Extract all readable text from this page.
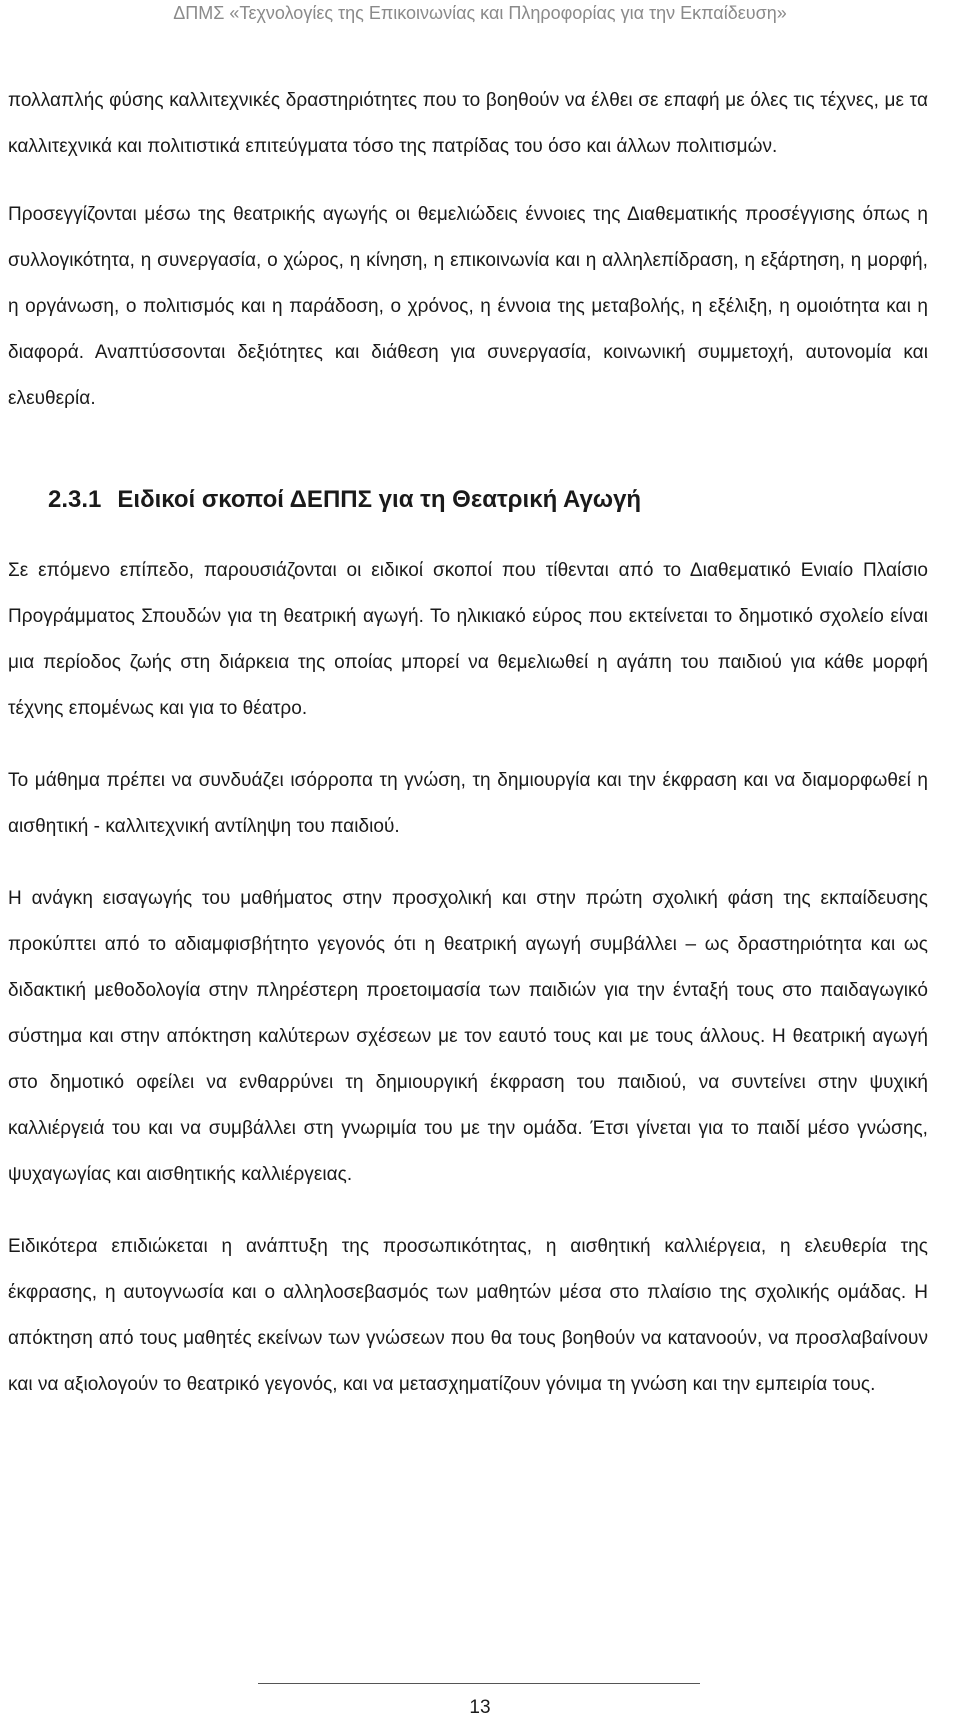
ΔΠΜΣ «Τεχνολογίες της Επικοινωνίας και Πληροφορίας για την Εκπαίδευση»

πολλαπλής φύσης καλλιτεχνικές δραστηριότητες που το βοηθούν να έλθει σε επαφή με όλες τις τέχνες, με τα καλλιτεχνικά και πολιτιστικά επιτεύγματα τόσο της πατρίδας του όσο και άλλων πολιτισμών.

Προσεγγίζονται μέσω της θεατρικής αγωγής οι θεμελιώδεις έννοιες της Διαθεματικής προσέγγισης όπως η συλλογικότητα, η συνεργασία, ο χώρος, η κίνηση, η επικοινωνία και η αλληλεπίδραση, η εξάρτηση, η μορφή, η οργάνωση, ο πολιτισμός και η παράδοση, ο χρόνος, η έννοια της μεταβολής, η εξέλιξη, η ομοιότητα και η διαφορά. Αναπτύσσονται δεξιότητες και διάθεση για συνεργασία, κοινωνική συμμετοχή, αυτονομία και ελευθερία.

2.3.1 Ειδικοί σκοποί ΔΕΠΠΣ για τη Θεατρική Αγωγή

Σε επόμενο επίπεδο, παρουσιάζονται οι ειδικοί σκοποί που τίθενται από το Διαθεματικό Ενιαίο Πλαίσιο Προγράμματος Σπουδών για τη θεατρική αγωγή. Το ηλικιακό εύρος που εκτείνεται το δημοτικό σχολείο είναι μια περίοδος ζωής στη διάρκεια της οποίας μπορεί να θεμελιωθεί η αγάπη του παιδιού για κάθε μορφή τέχνης επομένως και για το θέατρο.

Το μάθημα πρέπει να συνδυάζει ισόρροπα τη γνώση, τη δημιουργία και την έκφραση και να διαμορφωθεί η αισθητική - καλλιτεχνική αντίληψη του παιδιού.

Η ανάγκη εισαγωγής του μαθήματος στην προσχολική και στην πρώτη σχολική φάση της εκπαίδευσης προκύπτει από το αδιαμφισβήτητο γεγονός ότι η θεατρική αγωγή συμβάλλει – ως δραστηριότητα και ως διδακτική μεθοδολογία στην πληρέστερη προετοιμασία των παιδιών για την ένταξή τους στο παιδαγωγικό σύστημα και στην απόκτηση καλύτερων σχέσεων με τον εαυτό τους και με τους άλλους. Η θεατρική αγωγή στο δημοτικό οφείλει να ενθαρρύνει τη δημιουργική έκφραση του παιδιού, να συντείνει στην ψυχική καλλιέργειά του και να συμβάλλει στη γνωριμία του με την ομάδα. Έτσι γίνεται για το παιδί μέσο γνώσης, ψυχαγωγίας και αισθητικής καλλιέργειας.

Ειδικότερα επιδιώκεται η ανάπτυξη της προσωπικότητας, η αισθητική καλλιέργεια, η ελευθερία της έκφρασης, η αυτογνωσία και ο αλληλοσεβασμός των μαθητών μέσα στο πλαίσιο της σχολικής ομάδας. Η απόκτηση από τους μαθητές εκείνων των γνώσεων που θα τους βοηθούν να κατανοούν, να προσλαβαίνουν και να αξιολογούν το θεατρικό γεγονός, και να μετασχηματίζουν γόνιμα τη γνώση και την εμπειρία τους.

13
